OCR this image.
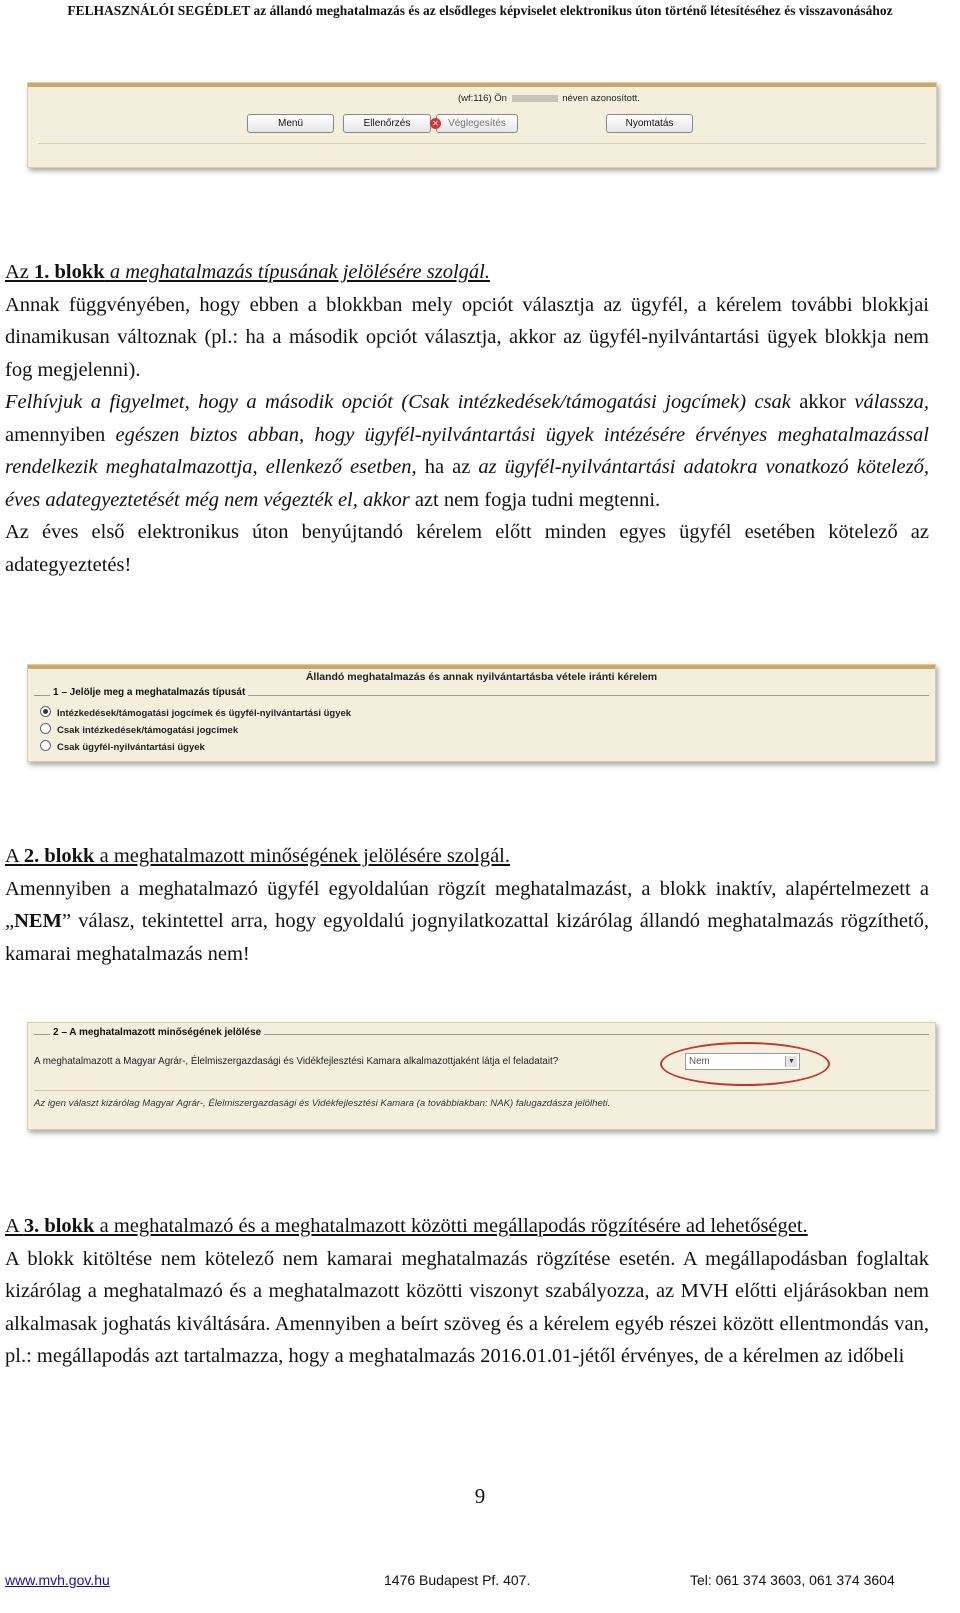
FELHASZNÁLÓI SEGÉDLET az állandó meghatalmazás és az elsődleges képviselet elektronikus úton történő létesítéséhez és visszavonásához
(wf:116) Ön	néven azonosított.
Menü	Ellenőrzés	✕ Véglegesítés	Nyomtatás

Az 1. blokk a meghatalmazás típusának jelölésére szolgál.

Annak függvényében, hogy ebben a blokkban mely opciót választja az ügyfél, a kérelem további blokkjai dinamikusan változnak (pl.: ha a második opciót választja, akkor az ügyfél-nyilvántartási ügyek blokkja nem fog megjelenni).

Felhívjuk a figyelmet, hogy a második opciót (Csak intézkedések/támogatási jogcímek) csak akkor válassza, amennyiben egészen biztos abban, hogy ügyfél-nyilvántartási ügyek intézésére érvényes meghatalmazással rendelkezik meghatalmazottja, ellenkező esetben, ha az az ügyfél-nyilvántartási adatokra vonatkozó kötelező, éves adategyeztetését még nem végezték el, akkor azt nem fogja tudni megtenni.

Az éves első elektronikus úton benyújtandó kérelem előtt minden egyes ügyfél esetében kötelező az adategyeztetés!

Állandó meghatalmazás és annak nyilvántartásba vétele iránti kérelem
Intézkedések/támogatási jogcímek és ügyfél-nyilvántartási ügyek
Csak intézkedések/támogatási jogcímek
Csak ügyfél-nyilvántartási ügyek
1 – Jelölje meg a meghatalmazás típusát

A 2. blokk a meghatalmazott minőségének jelölésére szolgál.

Amennyiben a meghatalmazó ügyfél egyoldalúan rögzít meghatalmazást, a blokk inaktív, alapértelmezett a „NEM” válasz, tekintettel arra, hogy egyoldalú jognyilatkozattal kizárólag állandó meghatalmazás rögzíthető, kamarai meghatalmazás nem!

2 – A meghatalmazott minőségének jelölése
A meghatalmazott a Magyar Agrár-, Élelmiszergazdasági és Vidékfejlesztési Kamara alkalmazottjaként látja el feladatait?	Nem	▼
Az igen választ kizárólag Magyar Agrár-, Élelmiszergazdasági és Vidékfejlesztési Kamara (a továbbiakban: NAK) falugazdásza jelölheti.

A 3. blokk a meghatalmazó és a meghatalmazott közötti megállapodás rögzítésére ad lehetőséget.

A blokk kitöltése nem kötelező nem kamarai meghatalmazás rögzítése esetén. A megállapodásban foglaltak kizárólag a meghatalmazó és a meghatalmazott közötti viszonyt szabályozza, az MVH előtti eljárásokban nem alkalmasak joghatás kiváltására. Amennyiben a beírt szöveg és a kérelem egyéb részei között ellentmondás van, pl.: megállapodás azt tartalmazza, hogy a meghatalmazás 2016.01.01-jétől érvényes, de a kérelmen az időbeli

9
www.mvh.gov.hu	1476 Budapest Pf. 407.	Tel: 061 374 3603, 061 374 3604
